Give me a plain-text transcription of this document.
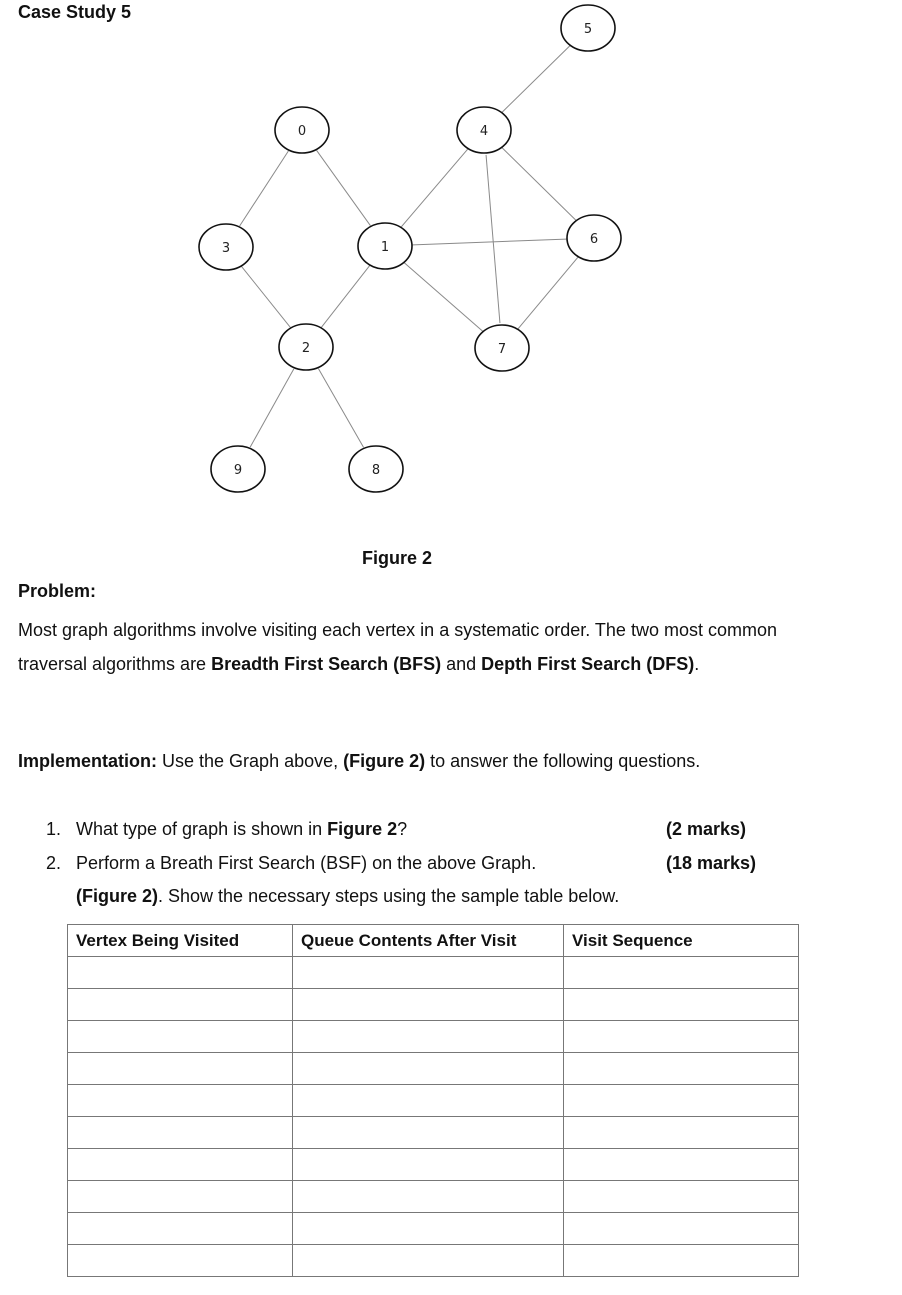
Case Study 5
0
1
2
3
4
5
6
7
8
9
Figure 2
Problem:
Most graph algorithms involve visiting each vertex in a systematic order. The two most common traversal algorithms are Breadth First Search (BFS) and Depth First Search (DFS).
Implementation: Use the Graph above, (Figure 2) to answer the following questions.
1. What type of graph is shown in Figure 2?	(2 marks)
2. Perform a Breath First Search (BSF) on the above Graph.	(18 marks)
(Figure 2). Show the necessary steps using the sample table below.
Vertex Being Visited	Queue Contents After Visit	Visit Sequence
